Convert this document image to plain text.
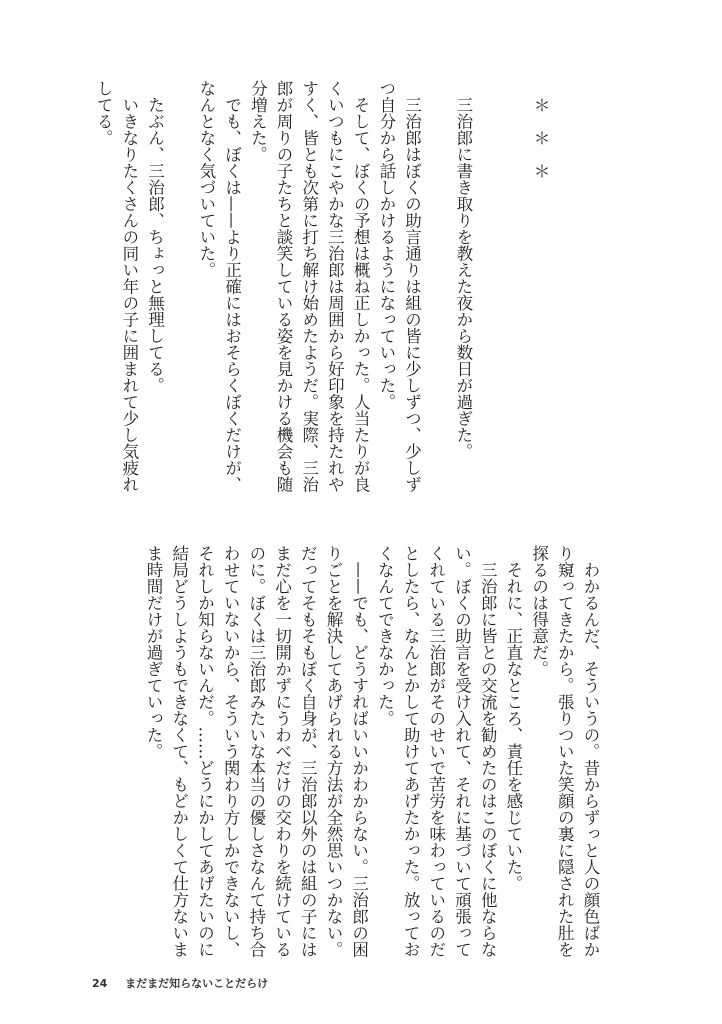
　＊　＊　＊

　三治郎に書き取りを教えた夜から数日が過ぎた。

　三治郎はぼくの助言通りは組の皆に少しずつ、少しず

つ自分から話しかけるようになっていった。

　そして、ぼくの予想は概ね正しかった。人当たりが良

くいつもにこやかな三治郎は周囲から好印象を持たれや

すく、皆とも次第に打ち解け始めたようだ。実際、三治

郎が周りの子たちと談笑している姿を見かける機会も随

分増えた。

　でも、ぼくは——より正確にはおそらくぼくだけが、

なんとなく気づいていた。

　たぶん、三治郎、ちょっと無理してる。

　いきなりたくさんの同い年の子に囲まれて少し気疲れ

してる。

　わかるんだ、そういうの。昔からずっと人の顔色ばか

り窺ってきたから。張りついた笑顔の裏に隠された肚を

探るのは得意だ。

　それに、正直なところ、責任を感じていた。

　三治郎に皆との交流を勧めたのはこのぼくに他ならな

い。ぼくの助言を受け入れて、それに基づいて頑張って

くれている三治郎がそのせいで苦労を味わっているのだ

としたら、なんとかして助けてあげたかった。放ってお

くなんてできなかった。

　——でも、どうすればいいかわからない。三治郎の困

りごとを解決してあげられる方法が全然思いつかない。

だってそもそもぼく自身が、三治郎以外のは組の子には

まだ心を一切開かずにうわべだけの交わりを続けている

のに。ぼくは三治郎みたいな本当の優しさなんて持ち合

わせていないから、そういう関わり方しかできないし、

それしか知らないんだ。……どうにかしてあげたいのに

結局どうしようもできなくて、もどかしくて仕方ないま

ま時間だけが過ぎていった。

24 まだまだ知らないことだらけ
